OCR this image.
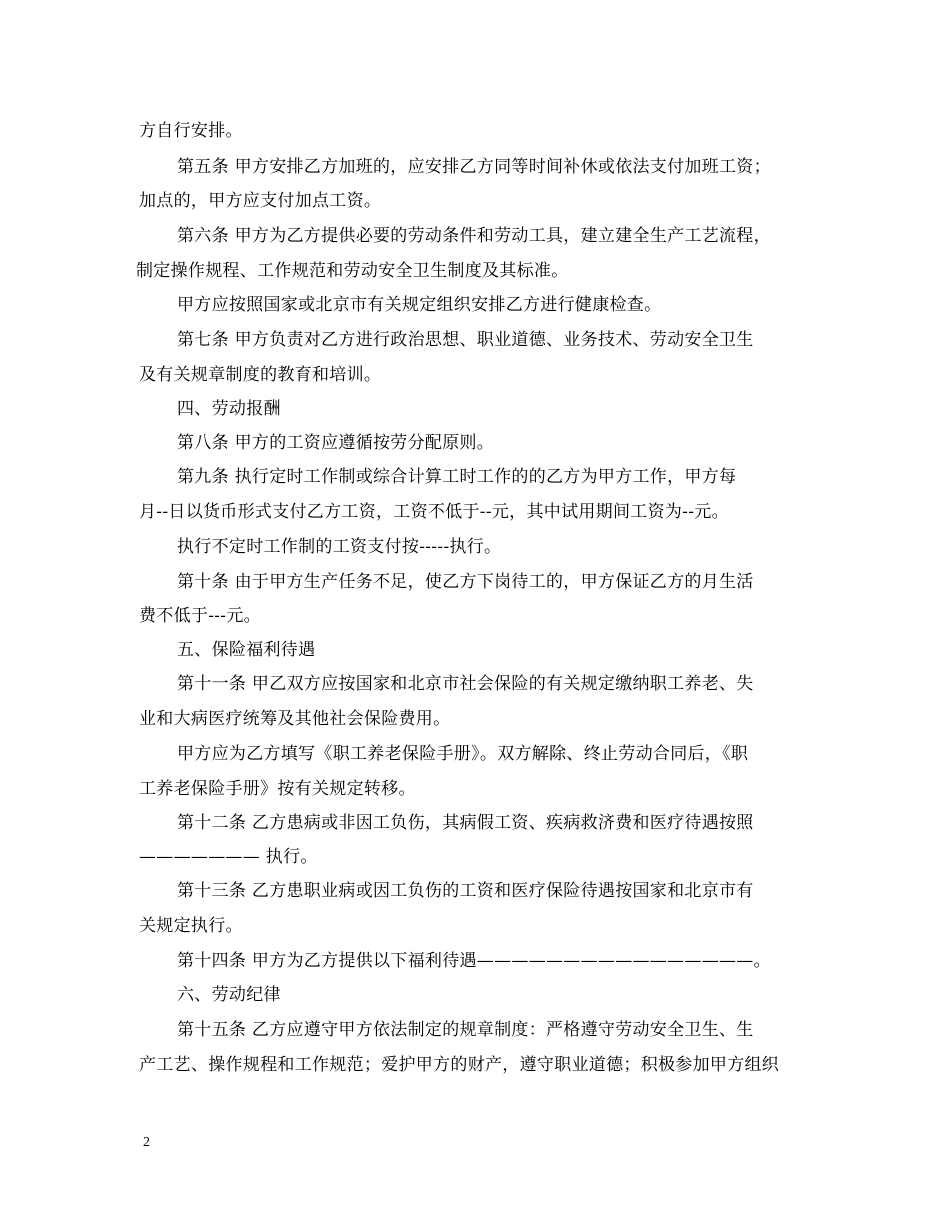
方自行安排。
第五条 甲方安排乙方加班的，应安排乙方同等时间补休或依法支付加班工资；
加点的，甲方应支付加点工资。
第六条 甲方为乙方提供必要的劳动条件和劳动工具，建立建全生产工艺流程，
制定操作规程、工作规范和劳动安全卫生制度及其标准。
甲方应按照国家或北京市有关规定组织安排乙方进行健康检查。
第七条 甲方负责对乙方进行政治思想、职业道德、业务技术、劳动安全卫生
及有关规章制度的教育和培训。
四、劳动报酬
第八条 甲方的工资应遵循按劳分配原则。
第九条 执行定时工作制或综合计算工时工作的的乙方为甲方工作，甲方每
月--日以货币形式支付乙方工资，工资不低于--元，其中试用期间工资为--元。
执行不定时工作制的工资支付按-----执行。
第十条 由于甲方生产任务不足，使乙方下岗待工的，甲方保证乙方的月生活
费不低于---元。
五、保险福利待遇
第十一条 甲乙双方应按国家和北京市社会保险的有关规定缴纳职工养老、失
业和大病医疗统筹及其他社会保险费用。
甲方应为乙方填写《职工养老保险手册》。双方解除、终止劳动合同后，《职
工养老保险手册》按有关规定转移。
第十二条 乙方患病或非因工负伤，其病假工资、疾病救济费和医疗待遇按照
——————— 执行。
第十三条 乙方患职业病或因工负伤的工资和医疗保险待遇按国家和北京市有
关规定执行。
第十四条 甲方为乙方提供以下福利待遇————————————————。
六、劳动纪律
第十五条 乙方应遵守甲方依法制定的规章制度：严格遵守劳动安全卫生、生
产工艺、操作规程和工作规范；爱护甲方的财产，遵守职业道德；积极参加甲方组织
2
